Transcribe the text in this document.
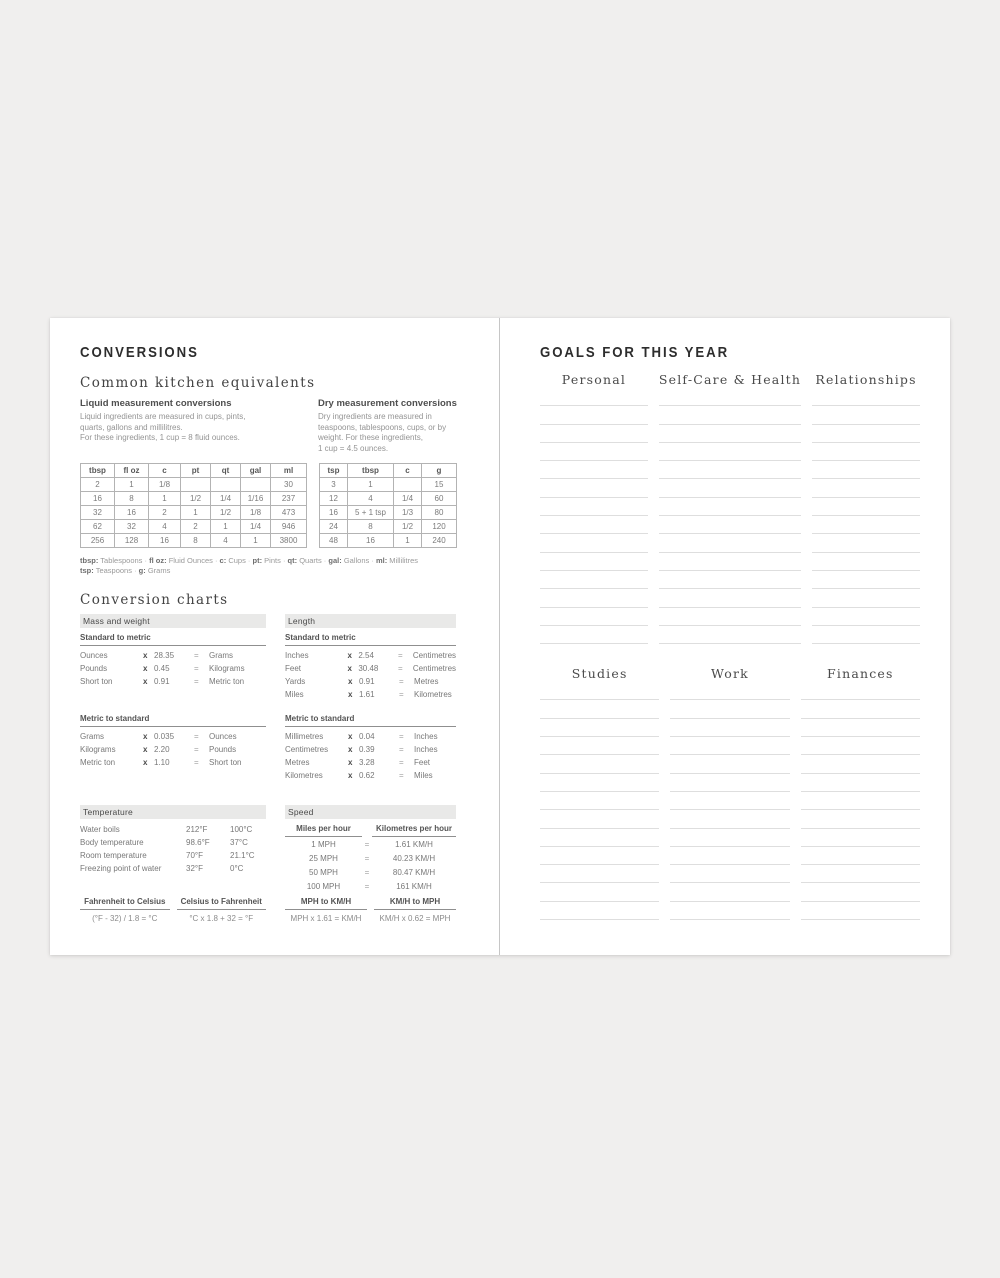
CONVERSIONS
Common kitchen equivalents
Liquid measurement conversions
Liquid ingredients are measured in cups, pints,
quarts, gallons and millilitres.
For these ingredients, 1 cup = 8 fluid ounces.
Dry measurement conversions
Dry ingredients are measured in
teaspoons, tablespoons, cups, or by
weight. For these ingredients,
1 cup = 4.5 ounces.
tbsp	fl oz	c	pt	qt	gal	ml
2	1	1/8				30
16	8	1	1/2	1/4	1/16	237
32	16	2	1	1/2	1/8	473
62	32	4	2	1	1/4	946
256	128	16	8	4	1	3800
tsp	tbsp	c	g
3	1		15
12	4	1/4	60
16	5 + 1 tsp	1/3	80
24	8	1/2	120
48	16	1	240
tbsp: Tablespoons · fl oz: Fluid Ounces · c: Cups · pt: Pints · qt: Quarts · gal: Gallons · ml: Millilitres
tsp: Teaspoons · g: Grams
Conversion charts
Mass and weight
Standard to metric
Ounces	x 28.35	=	Grams
Pounds	x 0.45	=	Kilograms
Short ton	x 0.91	=	Metric ton
Length
Standard to metric
Inches	x 2.54	=	Centimetres
Feet	x 30.48	=	Centimetres
Yards	x 0.91	=	Metres
Miles	x 1.61	=	Kilometres
Metric to standard
Grams	x 0.035	=	Ounces
Kilograms	x 2.20	=	Pounds
Metric ton	x 1.10	=	Short ton
Metric to standard
Millimetres	x 0.04	=	Inches
Centimetres	x 0.39	=	Inches
Metres	x 3.28	=	Feet
Kilometres	x 0.62	=	Miles
Temperature
Water boils	212°F	100°C
Body temperature	98.6°F	37°C
Room temperature	70°F	21.1°C
Freezing point of water	32°F	0°C
Speed
Miles per hour	Kilometres per hour
1 MPH	=	1.61 KM/H
25 MPH	=	40.23 KM/H
50 MPH	=	80.47 KM/H
100 MPH	=	161 KM/H
Fahrenheit to Celsius
(°F - 32) / 1.8 = °C
Celsius to Fahrenheit
°C x 1.8 + 32 = °F
MPH to KM/H
MPH x 1.61 = KM/H
KM/H to MPH
KM/H x 0.62 = MPH
GOALS FOR THIS YEAR
Personal	Self-Care & Health Relationships
Studies	Work	Finances
